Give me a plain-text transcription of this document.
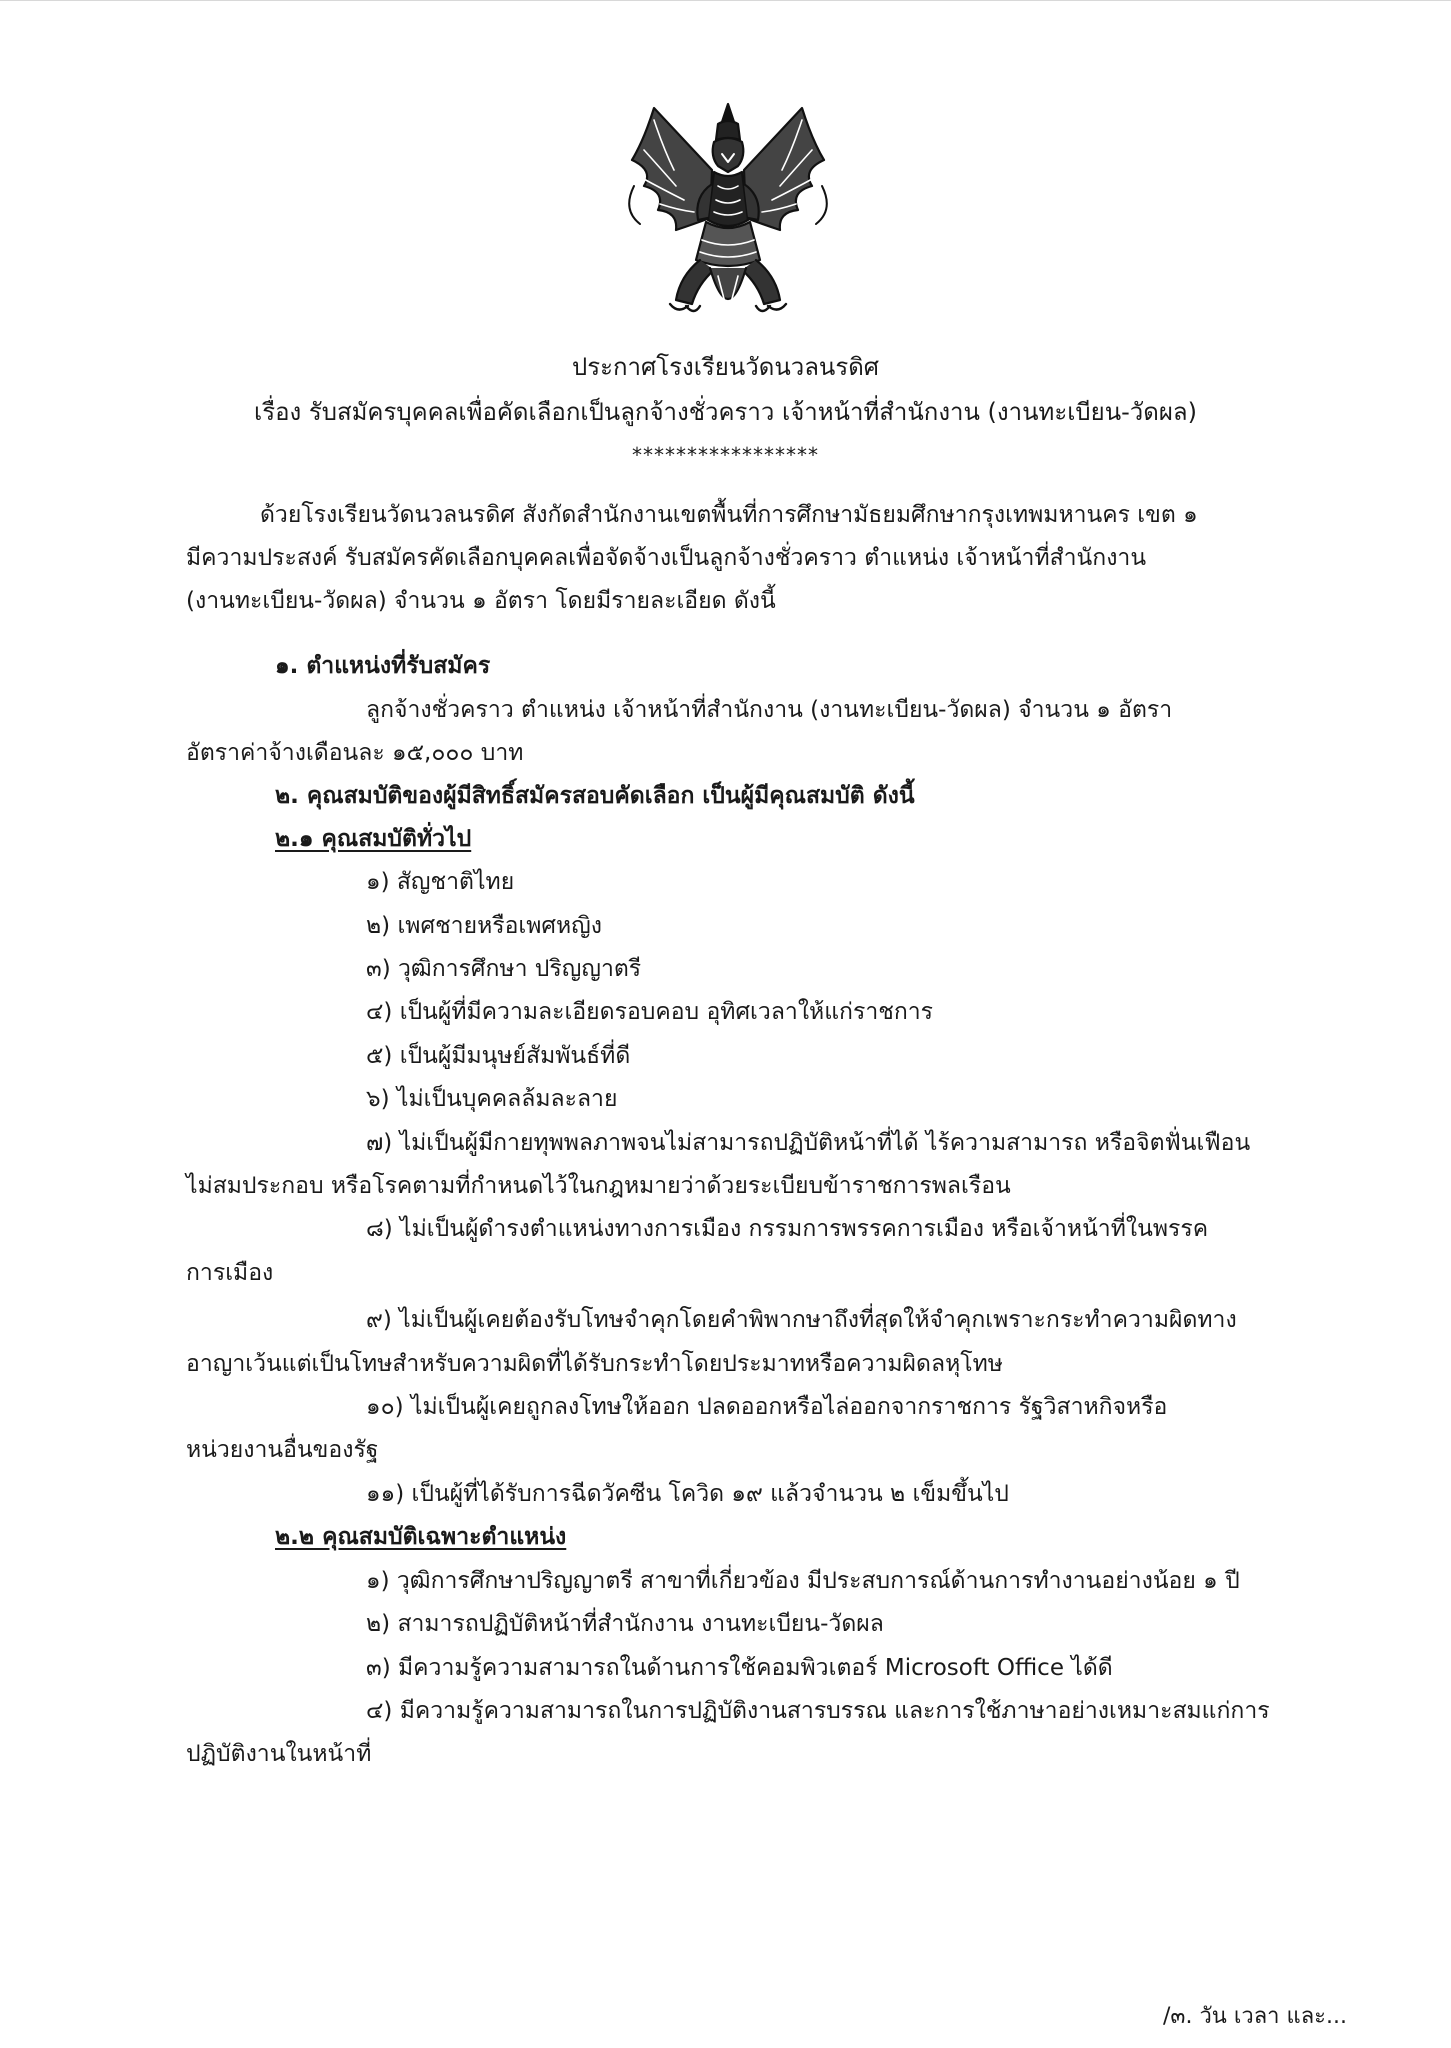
ประกาศโรงเรียนวัดนวลนรดิศ
เรื่อง รับสมัครบุคคลเพื่อคัดเลือกเป็นลูกจ้างชั่วคราว เจ้าหน้าที่สำนักงาน (งานทะเบียน-วัดผล)
*****************
ด้วยโรงเรียนวัดนวลนรดิศ สังกัดสำนักงานเขตพื้นที่การศึกษามัธยมศึกษากรุงเทพมหานคร เขต ๑
มีความประสงค์ รับสมัครคัดเลือกบุคคลเพื่อจัดจ้างเป็นลูกจ้างชั่วคราว ตำแหน่ง เจ้าหน้าที่สำนักงาน
(งานทะเบียน-วัดผล) จำนวน ๑ อัตรา โดยมีรายละเอียด ดังนี้
๑. ตำแหน่งที่รับสมัคร
ลูกจ้างชั่วคราว ตำแหน่ง เจ้าหน้าที่สำนักงาน (งานทะเบียน-วัดผล) จำนวน ๑ อัตรา
อัตราค่าจ้างเดือนละ ๑๕,๐๐๐ บาท
๒. คุณสมบัติของผู้มีสิทธิ์สมัครสอบคัดเลือก เป็นผู้มีคุณสมบัติ ดังนี้
๒.๑ คุณสมบัติทั่วไป
๑) สัญชาติไทย
๒) เพศชายหรือเพศหญิง
๓) วุฒิการศึกษา ปริญญาตรี
๔) เป็นผู้ที่มีความละเอียดรอบคอบ อุทิศเวลาให้แก่ราชการ
๕) เป็นผู้มีมนุษย์สัมพันธ์ที่ดี
๖) ไม่เป็นบุคคลล้มละลาย
๗) ไม่เป็นผู้มีกายทุพพลภาพจนไม่สามารถปฏิบัติหน้าที่ได้ ไร้ความสามารถ หรือจิตฟั่นเฟือน
ไม่สมประกอบ หรือโรคตามที่กำหนดไว้ในกฎหมายว่าด้วยระเบียบข้าราชการพลเรือน
๘) ไม่เป็นผู้ดำรงตำแหน่งทางการเมือง กรรมการพรรคการเมือง หรือเจ้าหน้าที่ในพรรค
การเมือง
๙) ไม่เป็นผู้เคยต้องรับโทษจำคุกโดยคำพิพากษาถึงที่สุดให้จำคุกเพราะกระทำความผิดทาง
อาญาเว้นแต่เป็นโทษสำหรับความผิดที่ได้รับกระทำโดยประมาทหรือความผิดลหุโทษ
๑๐) ไม่เป็นผู้เคยถูกลงโทษให้ออก ปลดออกหรือไล่ออกจากราชการ รัฐวิสาหกิจหรือ
หน่วยงานอื่นของรัฐ
๑๑) เป็นผู้ที่ได้รับการฉีดวัคซีน โควิด ๑๙ แล้วจำนวน ๒ เข็มขึ้นไป
๒.๒ คุณสมบัติเฉพาะตำแหน่ง
๑) วุฒิการศึกษาปริญญาตรี สาขาที่เกี่ยวข้อง มีประสบการณ์ด้านการทำงานอย่างน้อย ๑ ปี
๒) สามารถปฏิบัติหน้าที่สำนักงาน งานทะเบียน-วัดผล
๓) มีความรู้ความสามารถในด้านการใช้คอมพิวเตอร์ Microsoft Office ได้ดี
๔) มีความรู้ความสามารถในการปฏิบัติงานสารบรรณ และการใช้ภาษาอย่างเหมาะสมแก่การ
ปฏิบัติงานในหน้าที่
/๓. วัน เวลา และ...
